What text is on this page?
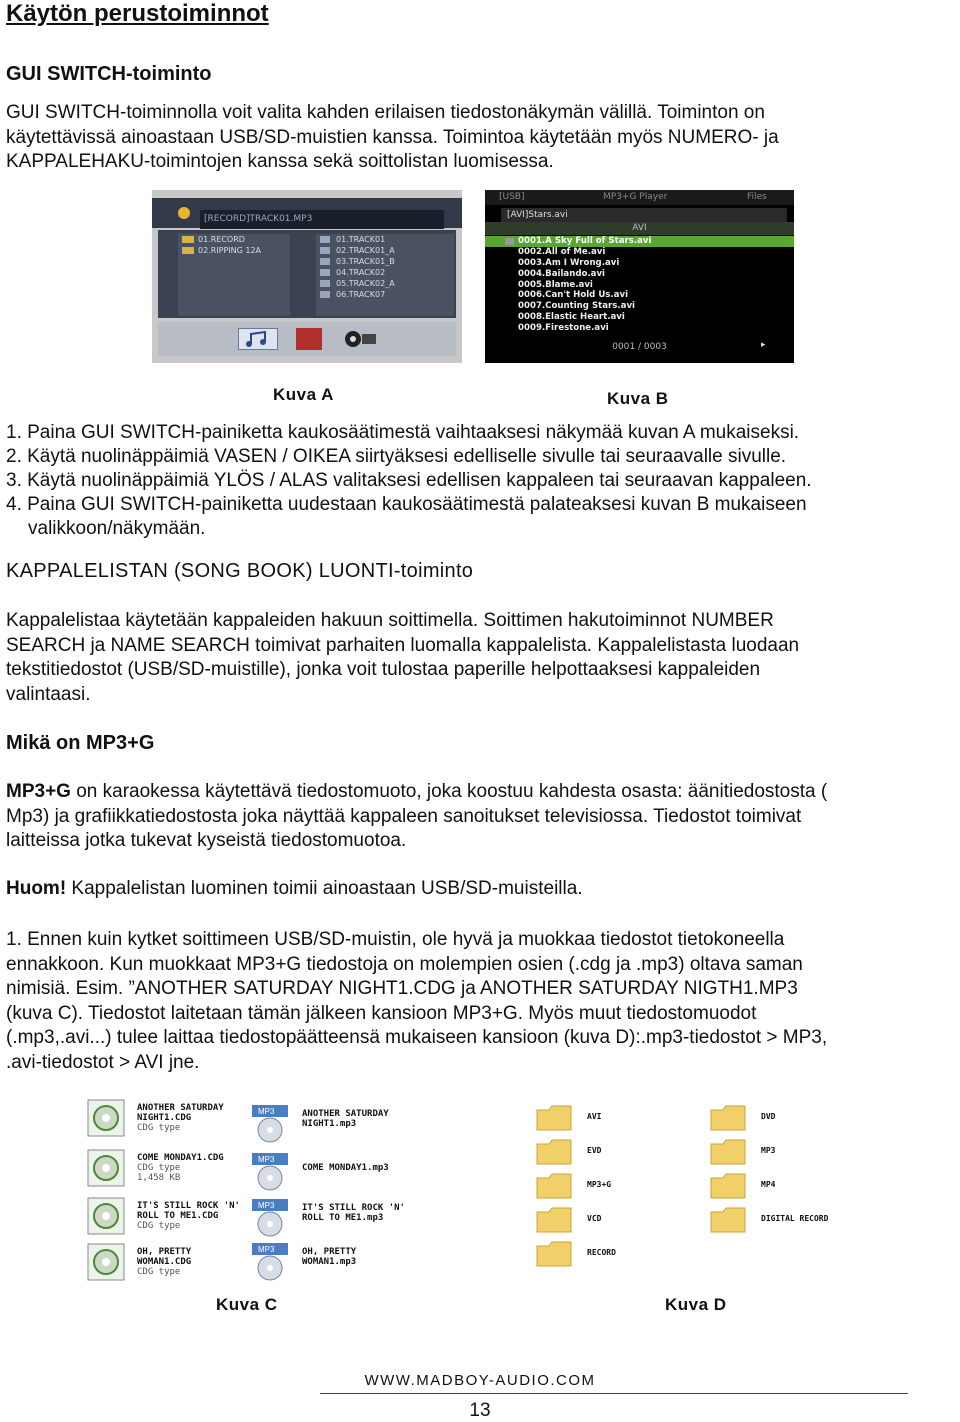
Käytön perustoiminnot
GUI SWITCH-toiminto
GUI SWITCH-toiminnolla voit valita kahden erilaisen tiedostonäkymän välillä. Toiminton on
käytettävissä ainoastaan USB/SD-muistien kanssa. Toimintoa käytetään myös NUMERO- ja
KAPPALEHAKU-toimintojen kanssa sekä soittolistan luomisessa.
[RECORD]TRACK01.MP3
01.RECORD
02.RIPPING 12A
01.TRACK01
02.TRACK01_A
03.TRACK01_B
04.TRACK02
05.TRACK02_A
06.TRACK07
[USB]	MP3+G Player	Files
[AVI]Stars.avi
AVI
0001.A Sky Full of Stars.avi
0002.All of Me.avi
0003.Am I Wrong.avi
0004.Bailando.avi
0005.Blame.avi
0006.Can't Hold Us.avi
0007.Counting Stars.avi
0008.Elastic Heart.avi
0009.Firestone.avi
0001 / 0003	▸
Kuva A	Kuva B
1. Paina GUI SWITCH-painiketta kaukosäätimestä vaihtaaksesi näkymää kuvan A mukaiseksi.
2. Käytä nuolinäppäimiä VASEN / OIKEA siirtyäksesi edelliselle sivulle tai seuraavalle sivulle.
3. Käytä nuolinäppäimiä YLÖS / ALAS valitaksesi edellisen kappaleen tai seuraavan kappaleen.
4. Paina GUI SWITCH-painiketta uudestaan kaukosäätimestä palateaksesi kuvan B mukaiseen
valikkoon/näkymään.
KAPPALELISTAN (SONG BOOK) LUONTI-toiminto
Kappalelistaa käytetään kappaleiden hakuun soittimella. Soittimen hakutoiminnot NUMBER
SEARCH ja NAME SEARCH toimivat parhaiten luomalla kappalelista. Kappalelistasta luodaan
tekstitiedostot (USB/SD-muistille), jonka voit tulostaa paperille helpottaaksesi kappaleiden
valintaasi.
Mikä on MP3+G
MP3+G on karaokessa käytettävä tiedostomuoto, joka koostuu kahdesta osasta: äänitiedostosta (
Mp3) ja grafiikkatiedostosta joka näyttää kappaleen sanoitukset televisiossa. Tiedostot toimivat
laitteissa jotka tukevat kyseistä tiedostomuotoa.
Huom! Kappalelistan luominen toimii ainoastaan USB/SD-muisteilla.
1. Ennen kuin kytket soittimeen USB/SD-muistin, ole hyvä ja muokkaa tiedostot tietokoneella
ennakkoon. Kun muokkaat MP3+G tiedostoja on molempien osien (.cdg ja .mp3) oltava saman
nimisiä. Esim. ”ANOTHER SATURDAY NIGHT1.CDG ja ANOTHER SATURDAY NIGTH1.MP3
(kuva C). Tiedostot laitetaan tämän jälkeen kansioon MP3+G. Myös muut tiedostomuodot
(.mp3,.avi...) tulee laittaa tiedostopäätteensä mukaiseen kansioon (kuva D):.mp3-tiedostot > MP3,
.avi-tiedostot > AVI jne.
ANOTHER SATURDAY
NIGHT1.CDG
CDG type
COME MONDAY1.CDG
CDG type
1,458 KB
IT'S STILL ROCK 'N'
ROLL TO ME1.CDG
CDG type
OH, PRETTY
WOMAN1.CDG
CDG type
MP3	ANOTHER SATURDAY
NIGHT1.mp3
MP3
COME MONDAY1.mp3
MP3	IT'S STILL ROCK 'N'
ROLL TO ME1.mp3
MP3	OH, PRETTY
WOMAN1.mp3
AVI
EVD
MP3+G
VCD
RECORD
DVD
MP3
MP4
DIGITAL RECORD
Kuva C	Kuva D
WWW.MADBOY-AUDIO.COM
13
